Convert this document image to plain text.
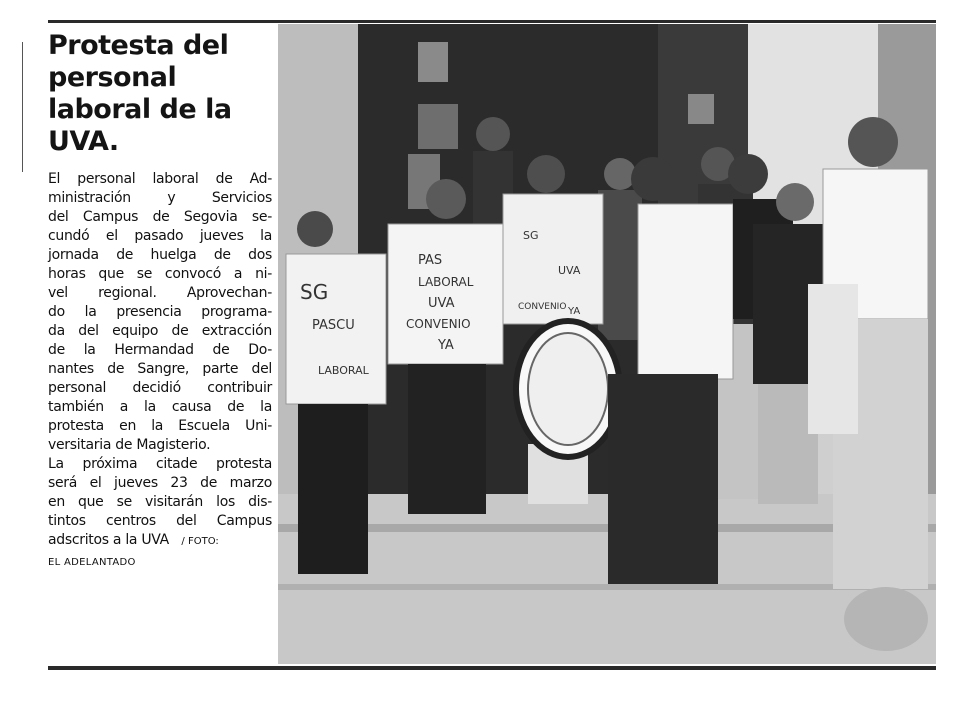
Protesta del
personal
laboral de la
UVA.
El personal laboral de Ad-
ministración y Servicios
del Campus de Segovia se-
cundó el pasado jueves la
jornada de huelga de dos
horas que se convocó a ni-
vel regional. Aprovechan-
do la presencia programa-
da del equipo de extracción
de la Hermandad de Do-
nantes de Sangre, parte del
personal decidió contribuir
también a la causa de la
protesta en la Escuela Uni-
versitaria de Magisterio.
La próxima citade protesta
será el jueves 23 de marzo
en que se visitarán los dis-
tintos centros del Campus
adscritos a la UVA / FOTO:
EL ADELANTADO
SG
PASCU
LABORAL
PAS
LABORAL
UVA
CONVENIO
YA
SG
UVA
CONVENIO YA
